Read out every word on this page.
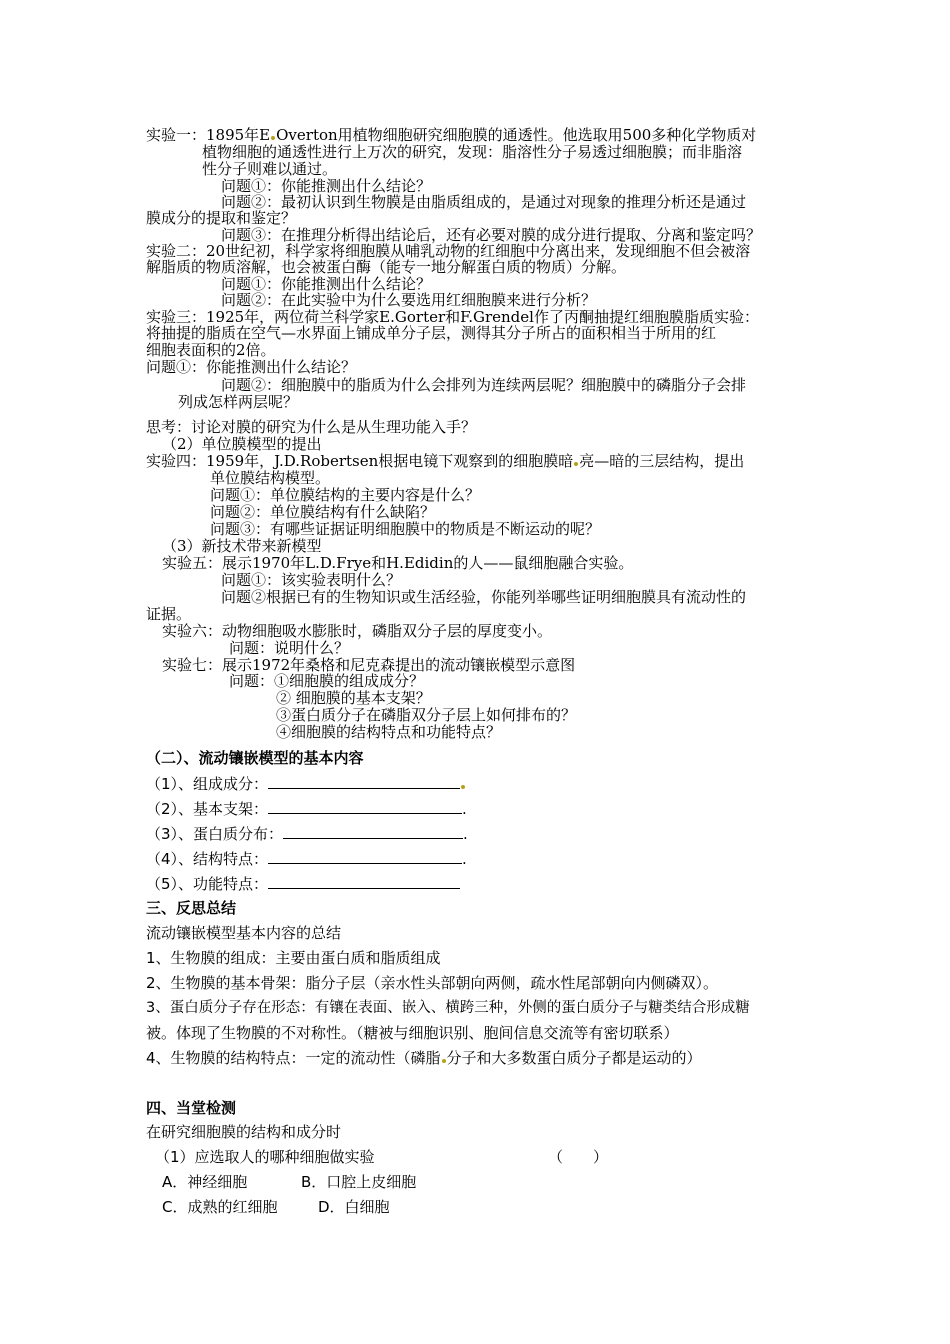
实验一：1895年E Overton用植物细胞研究细胞膜的通透性。他选取用500多种化学物质对
植物细胞的通透性进行上万次的研究，发现：脂溶性分子易透过细胞膜；而非脂溶
性分子则难以通过。
问题①：你能推测出什么结论？
问题②：最初认识到生物膜是由脂质组成的，是通过对现象的推理分析还是通过
膜成分的提取和鉴定？
问题③：在推理分析得出结论后，还有必要对膜的成分进行提取、分离和鉴定吗？
实验二：20世纪初，科学家将细胞膜从哺乳动物的红细胞中分离出来，发现细胞不但会被溶
解脂质的物质溶解，也会被蛋白酶（能专一地分解蛋白质的物质）分解。
问题①：你能推测出什么结论？
问题②：在此实验中为什么要选用红细胞膜来进行分析？
实验三：1925年，两位荷兰科学家E.Gorter和F.Grendel作了丙酮抽提红细胞膜脂质实验：
将抽提的脂质在空气—水界面上铺成单分子层，测得其分子所占的面积相当于所用的红
细胞表面积的2倍。
问题①：你能推测出什么结论？
问题②：细胞膜中的脂质为什么会排列为连续两层呢？细胞膜中的磷脂分子会排
列成怎样两层呢？
思考：讨论对膜的研究为什么是从生理功能入手？
（2）单位膜模型的提出
实验四：1959年，J.D.Robertsen根据电镜下观察到的细胞膜暗 亮—暗的三层结构，提出
单位膜结构模型。
问题①：单位膜结构的主要内容是什么？
问题②：单位膜结构有什么缺陷？
问题③：有哪些证据证明细胞膜中的物质是不断运动的呢？
（3）新技术带来新模型
实验五：展示1970年L.D.Frye和H.Edidin的人——鼠细胞融合实验。
问题①：该实验表明什么？
问题②根据已有的生物知识或生活经验，你能列举哪些证明细胞膜具有流动性的
证据。
实验六：动物细胞吸水膨胀时，磷脂双分子层的厚度变小。
问题：说明什么？
实验七：展示1972年桑格和尼克森提出的流动镶嵌模型示意图
问题：①细胞膜的组成成分？
② 细胞膜的基本支架？
③蛋白质分子在磷脂双分子层上如何排布的？
④细胞膜的结构特点和功能特点？
（二）、流动镶嵌模型的基本内容
（1）、组成成分：
（2）、基本支架：	.
（3）、蛋白质分布：	.
（4）、结构特点：	.
（5）、功能特点：
三、反思总结
流动镶嵌模型基本内容的总结
1、生物膜的组成：主要由蛋白质和脂质组成
2、生物膜的基本骨架：脂分子层（亲水性头部朝向两侧，疏水性尾部朝向内侧磷双）。
3、蛋白质分子存在形态：有镶在表面、嵌入、横跨三种，外侧的蛋白质分子与糖类结合形成糖
被。体现了生物膜的不对称性。（糖被与细胞识别、胞间信息交流等有密切联系）
4、生物膜的结构特点：一定的流动性（磷脂 分子和大多数蛋白质分子都是运动的）
四、当堂检测
在研究细胞膜的结构和成分时
（1）应选取人的哪种细胞做实验	（　　）
A．神经细胞	B．口腔上皮细胞
C．成熟的红细胞	D．白细胞
